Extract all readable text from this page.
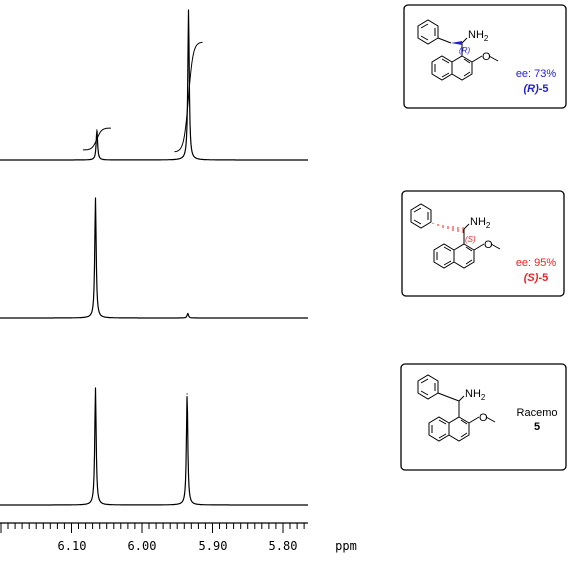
6.10	6.00	5.90	5.80	ppm
$NH_2$
(R)
O
ee: 73%
(R)-5
$NH_2$
(S) O
ee: 95%
(S)-5
$NH_2$
O	Racemo
5
